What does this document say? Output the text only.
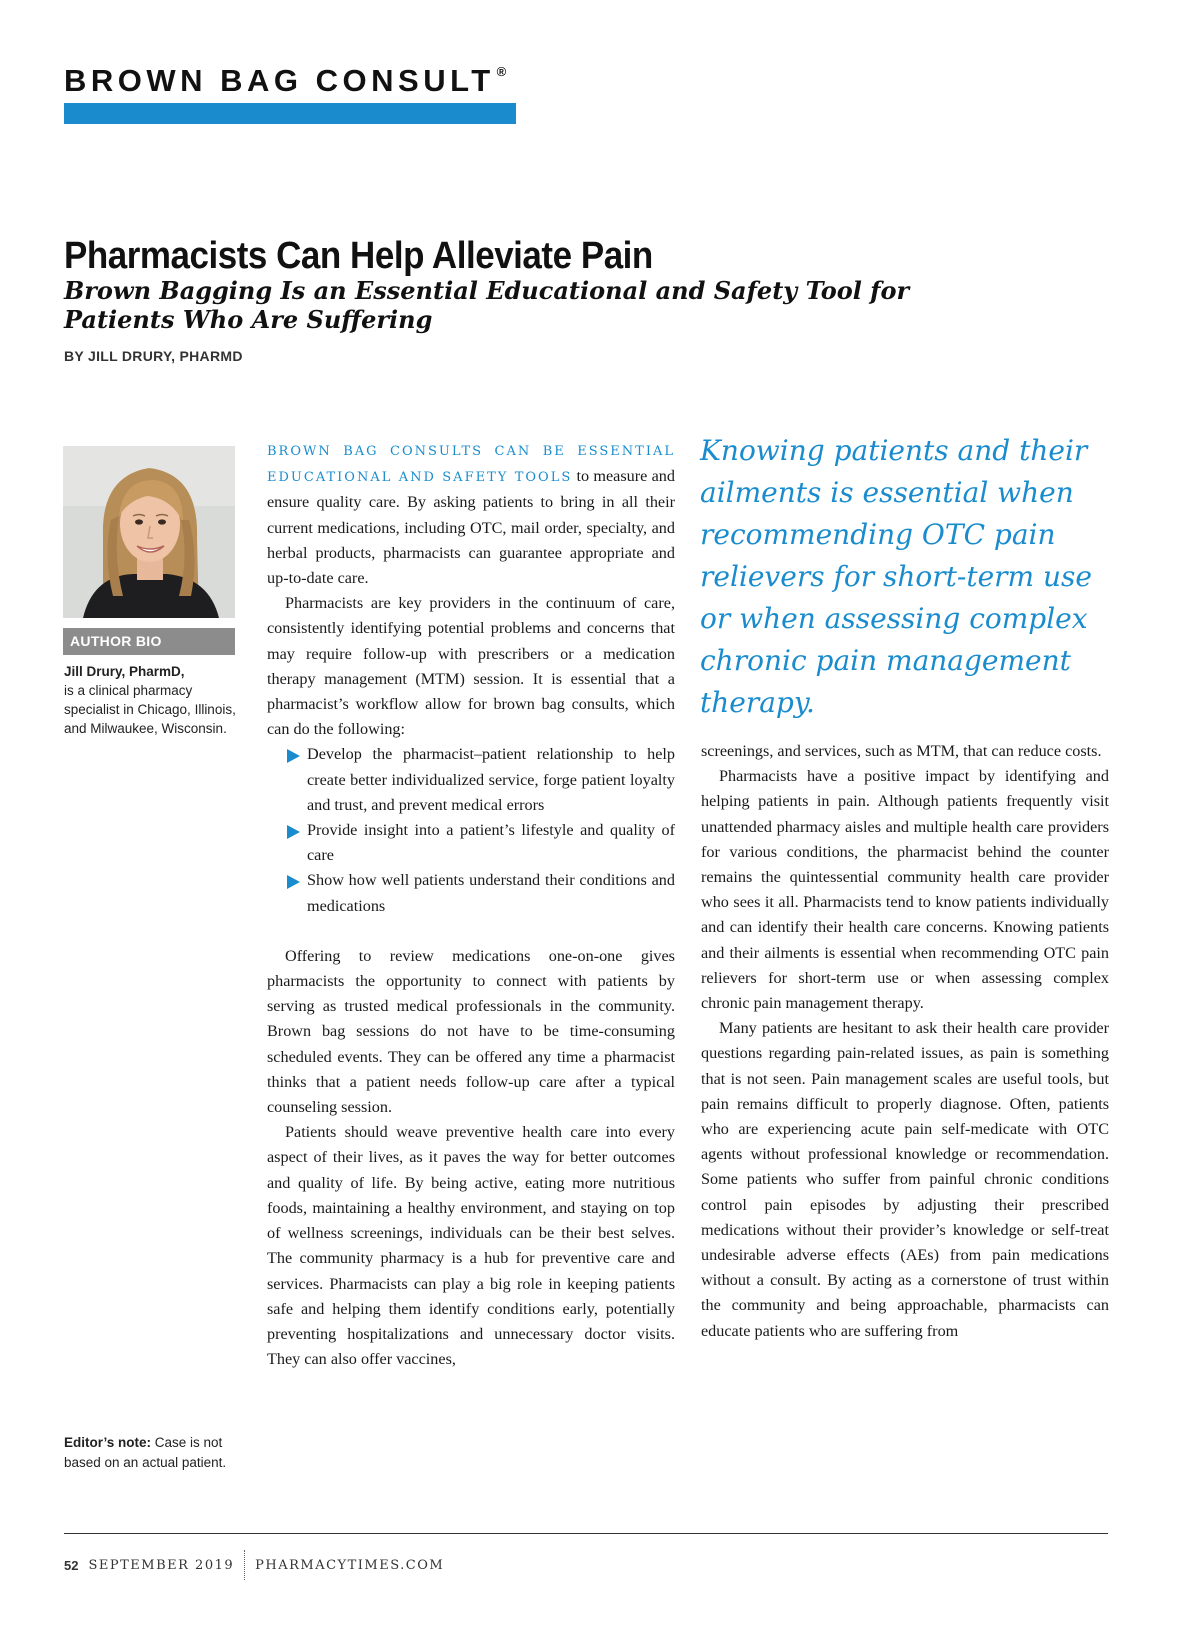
BROWN BAG CONSULT ®
Pharmacists Can Help Alleviate Pain
Brown Bagging Is an Essential Educational and Safety Tool for Patients Who Are Suffering
BY JILL DRURY, PHARMD
AUTHOR BIO
Jill Drury, PharmD,
is a clinical pharmacy specialist in Chicago, Illinois, and Milwaukee, Wisconsin.
Editor’s note: Case is not based on an actual patient.

BROWN BAG CONSULTS CAN BE ESSENTIAL EDUCATIONAL AND SAFETY TOOLS to measure and ensure quality care. By asking patients to bring in all their current medications, including OTC, mail order, specialty, and herbal products, pharmacists can guarantee appropriate and up-to-date care.

Pharmacists are key providers in the continuum of care, consistently identifying potential problems and concerns that may require follow-up with prescribers or a medication therapy management (MTM) session. It is essential that a pharmacist’s workflow allow for brown bag consults, which can do the following:

Develop the pharmacist–patient relationship to help create better individualized service, forge patient loyalty and trust, and prevent medical errors
Provide insight into a patient’s lifestyle and quality of care
Show how well patients understand their conditions and medications

Offering to review medications one-on-one gives pharmacists the opportunity to connect with patients by serving as trusted medical professionals in the community. Brown bag sessions do not have to be time-consuming scheduled events. They can be offered any time a pharmacist thinks that a patient needs follow-up care after a typical counseling session.

Patients should weave preventive health care into every aspect of their lives, as it paves the way for better outcomes and quality of life. By being active, eating more nutritious foods, maintaining a healthy environment, and staying on top of wellness screenings, individuals can be their best selves. The community pharmacy is a hub for preventive care and services. Pharmacists can play a big role in keeping patients safe and helping them identify conditions early, potentially preventing hospitalizations and unnecessary doctor visits. They can also offer vaccines,

Knowing patients and their ailments is essential when recommending OTC pain relievers for short-term use or when assessing complex chronic pain management therapy.

screenings, and services, such as MTM, that can reduce costs.

Pharmacists have a positive impact by identifying and helping patients in pain. Although patients frequently visit unattended pharmacy aisles and multiple health care providers for various conditions, the pharmacist behind the counter remains the quintessential community health care provider who sees it all. Pharmacists tend to know patients individually and can identify their health care concerns. Knowing patients and their ailments is essential when recommending OTC pain relievers for short-term use or when assessing complex chronic pain management therapy.

Many patients are hesitant to ask their health care provider questions regarding pain-related issues, as pain is something that is not seen. Pain management scales are useful tools, but pain remains difficult to properly diagnose. Often, patients who are experiencing acute pain self-medicate with OTC agents without professional knowledge or recommendation. Some patients who suffer from painful chronic conditions control pain episodes by adjusting their prescribed medications without their provider’s knowledge or self-treat undesirable adverse effects (AEs) from pain medications without a consult. By acting as a cornerstone of trust within the community and being approachable, pharmacists can educate patients who are suffering from

52 SEPTEMBER 2019 PHARMACYTIMES.COM
